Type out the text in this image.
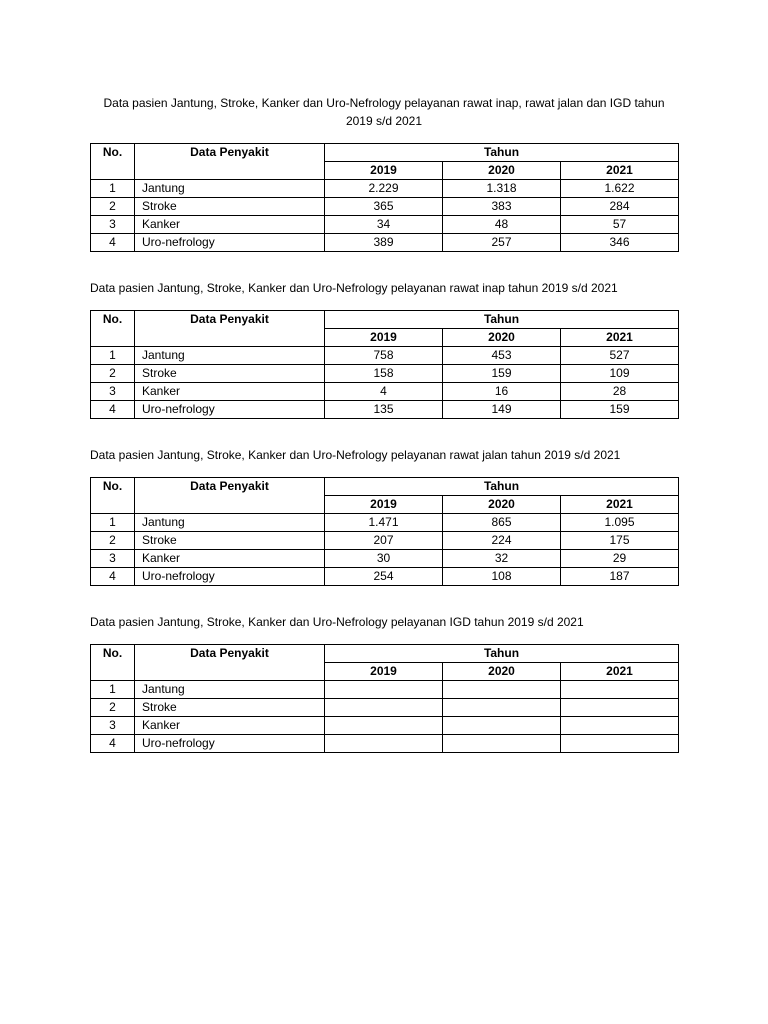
Data pasien Jantung, Stroke, Kanker dan Uro-Nefrology pelayanan rawat inap, rawat jalan dan IGD tahun 2019 s/d 2021

No.	Data Penyakit	Tahun		
		2019	2020	2021
1	Jantung	2.229	1.318	1.622
2	Stroke	365	383	284
3	Kanker	34	48	57
4	Uro-nefrology	389	257	346

Data pasien Jantung, Stroke, Kanker dan Uro-Nefrology pelayanan rawat inap tahun 2019 s/d 2021

No.	Data Penyakit	Tahun		
		2019	2020	2021
1	Jantung	758	453	527
2	Stroke	158	159	109
3	Kanker	4	16	28
4	Uro-nefrology	135	149	159

Data pasien Jantung, Stroke, Kanker dan Uro-Nefrology pelayanan rawat jalan tahun 2019 s/d 2021

No.	Data Penyakit	Tahun		
		2019	2020	2021
1	Jantung	1.471	865	1.095
2	Stroke	207	224	175
3	Kanker	30	32	29
4	Uro-nefrology	254	108	187

Data pasien Jantung, Stroke, Kanker dan Uro-Nefrology pelayanan IGD tahun 2019 s/d 2021

No.	Data Penyakit	Tahun		
		2019	2020	2021
1	Jantung			
2	Stroke			
3	Kanker			
4	Uro-nefrology			
